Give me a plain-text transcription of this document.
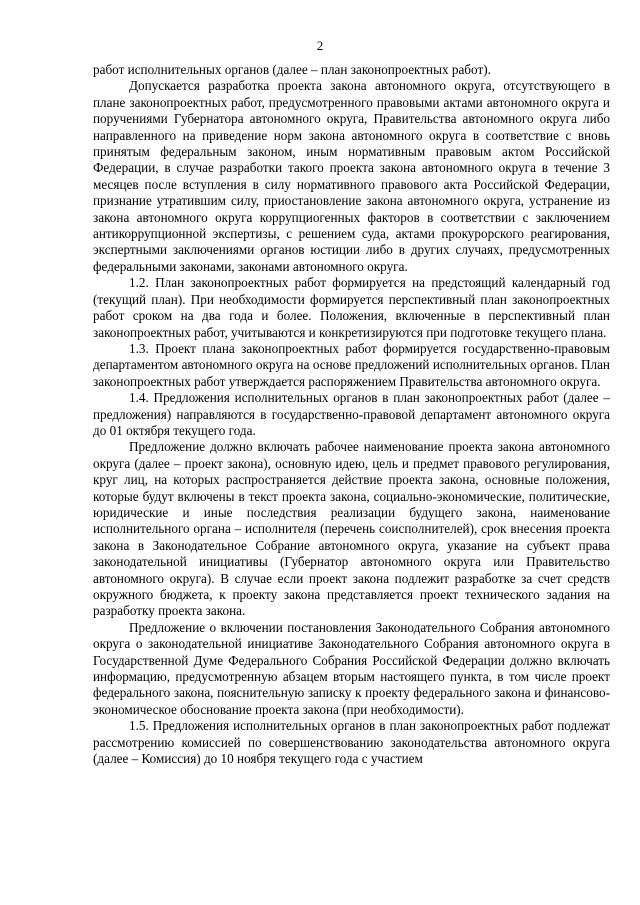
2

работ исполнительных органов (далее – план законопроектных работ).

Допускается разработка проекта закона автономного округа, отсутствующего в плане законопроектных работ, предусмотренного правовыми актами автономного округа и поручениями Губернатора автономного округа, Правительства автономного округа либо направленного на приведение норм закона автономного округа в соответствие с вновь принятым федеральным законом, иным нормативным правовым актом Российской Федерации, в случае разработки такого проекта закона автономного округа в течение 3 месяцев после вступления в силу нормативного правового акта Российской Федерации, признание утратившим силу, приостановление закона автономного округа, устранение из закона автономного округа коррупциогенных факторов в соответствии с заключением антикоррупционной экспертизы, с решением суда, актами прокурорского реагирования, экспертными заключениями органов юстиции либо в других случаях, предусмотренных федеральными законами, законами автономного округа.

1.2. План законопроектных работ формируется на предстоящий календарный год (текущий план). При необходимости формируется перспективный план законопроектных работ сроком на два года и более. Положения, включенные в перспективный план законопроектных работ, учитываются и конкретизируются при подготовке текущего плана.

1.3. Проект плана законопроектных работ формируется государственно-правовым департаментом автономного округа на основе предложений исполнительных органов. План законопроектных работ утверждается распоряжением Правительства автономного округа.

1.4. Предложения исполнительных органов в план законопроектных работ (далее – предложения) направляются в государственно-правовой департамент автономного округа до 01 октября текущего года.

Предложение должно включать рабочее наименование проекта закона автономного округа (далее – проект закона), основную идею, цель и предмет правового регулирования, круг лиц, на которых распространяется действие проекта закона, основные положения, которые будут включены в текст проекта закона, социально-экономические, политические, юридические и иные последствия реализации будущего закона, наименование исполнительного органа – исполнителя (перечень соисполнителей), срок внесения проекта закона в Законодательное Собрание автономного округа, указание на субъект права законодательной инициативы (Губернатор автономного округа или Правительство автономного округа). В случае если проект закона подлежит разработке за счет средств окружного бюджета, к проекту закона представляется проект технического задания на разработку проекта закона.

Предложение о включении постановления Законодательного Собрания автономного округа о законодательной инициативе Законодательного Собрания автономного округа в Государственной Думе Федерального Собрания Российской Федерации должно включать информацию, предусмотренную абзацем вторым настоящего пункта, в том числе проект федерального закона, пояснительную записку к проекту федерального закона и финансово-экономическое обоснование проекта закона (при необходимости).

1.5. Предложения исполнительных органов в план законопроектных работ подлежат рассмотрению комиссией по совершенствованию законодательства автономного округа (далее – Комиссия) до 10 ноября текущего года с участием
